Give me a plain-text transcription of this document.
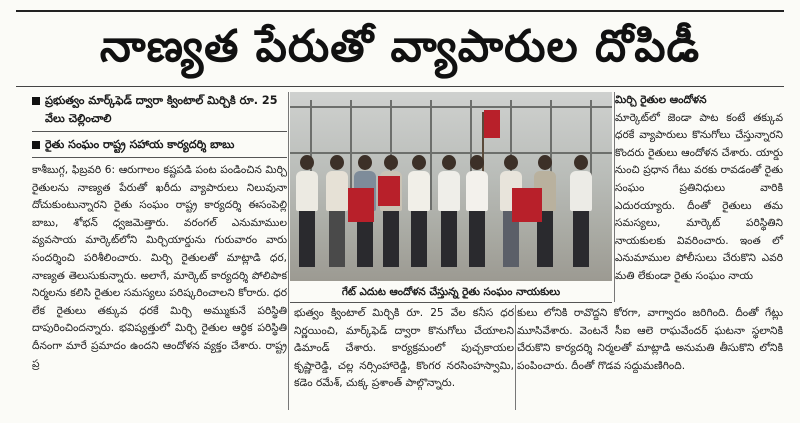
నాణ్యత పేరుతో వ్యాపారుల దోపిడీ
ప్రభుత్వం మార్క్‌ఫెడ్ ద్వారా క్వింటాల్ మిర్చికి రూ. 25 వేలు చెల్లించాలి
రైతు సంఘం రాష్ట్ర సహాయ కార్యదర్శి బాబు

కాశీబుగ్గ, ఫిబ్రవరి 6: ఆరుగాలం కష్టపడి పంట పండించిన మిర్చి రైతులను నాణ్యత పేరుతో ఖరీదు వ్యాపారులు నిలువునా దోచుకుంటున్నారని రైతు సంఘం రాష్ట్ర కార్యదర్శి ఈసంపెల్లి బాబు, శోభన్ ధ్వజమెత్తారు. వరంగల్ ఎనుమాముల వ్యవసాయ మార్కెట్‌లోని మిర్చియార్డును గురువారం వారు సందర్శించి పరిశీలించారు. మిర్చి రైతులతో మాట్లాడి ధర, నాణ్యత తెలుసుకున్నారు. అలాగే, మార్కెట్ కార్యదర్శి పోలిపాక నిర్మలను కలిసి రైతుల సమస్యలు పరిష్కరించాలని కోరారు. ధర లేక రైతులు తక్కువ ధరకే మిర్చి అమ్ముకునే పరిస్థితి దాపురించిందన్నారు. భవిష్యత్తులో మిర్చి రైతుల ఆర్థిక పరిస్థితి దీనంగా మారే ప్రమాదం ఉందని ఆందోళన వ్యక్తం చేశారు. రాష్ట్ర ప్ర

గేట్ ఎదుట ఆందోళన చేస్తున్న రైతు సంఘం నాయకులు

భుత్వం క్వింటాల్ మిర్చికి రూ. 25 వేల కనీస ధర నిర్ణయించి, మార్క్‌ఫెడ్ ద్వారా కొనుగోలు చేయాలని డిమాండ్ చేశారు. కార్యక్రమంలో పుచ్చకాయల కృష్ణారెడ్డి, చల్ల నర్సింహారెడ్డి, కొంగర నరసింహస్వామి, కడెం రమేశ్, చుక్క ప్రశాంత్ పాల్గొన్నారు.

మిర్చి రైతుల ఆందోళన

మార్కెట్‌లో జెండా పాట కంటే తక్కువ ధరకే వ్యాపారులు కొనుగోలు చేస్తున్నారని కొందరు రైతులు ఆందోళన చేశారు. యార్డు నుంచి ప్రధాన గేటు వరకు రావడంతో రైతు సంఘం ప్రతినిధులు వారికి ఎదురయ్యారు. దీంతో రైతులు తమ సమస్యలు, మార్కెట్ పరిస్థితిని నాయకులకు వివరించారు. ఇంత లో ఎనుమాముల పోలీసులు చేరుకొని ఎవరి మతి లేకుండా రైతు సంఘం నాయ

కులు లోనికి రావొద్దని కోరగా, వాగ్వాదం జరిగింది. దీంతో గేట్లు మూసివేశారు. వెంటనే సీఐ ఆలె రాఘవేందర్ ఘటనా స్థలానికి చేరుకొని కార్యదర్శి నిర్మలతో మాట్లాడి అనుమతి తీసుకొని లోనికి పంపించారు. దీంతో గొడవ సద్దుమణిగింది.
